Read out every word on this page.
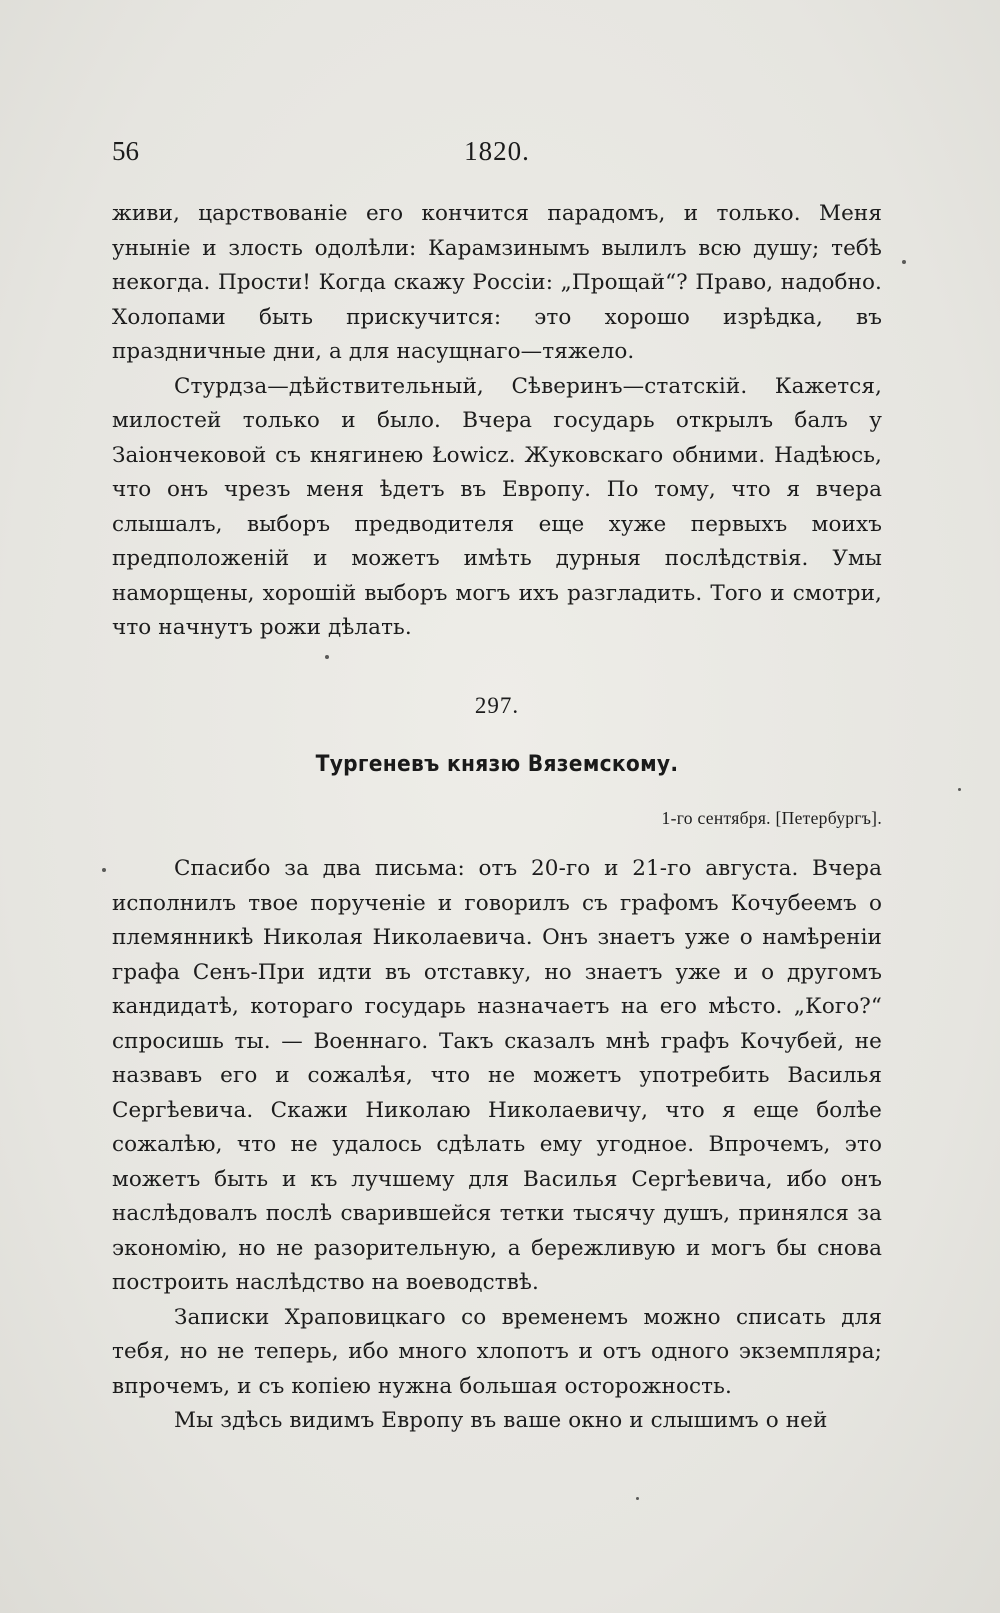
56	1820.

живи, царствованіе его кончится парадомъ, и только. Меня уныніе и злость одолѣли: Карамзинымъ вылилъ всю душу; тебѣ некогда. Прости! Когда скажу Россіи: „Прощай“? Право, надобно. Холопами быть прискучится: это хорошо изрѣдка, въ праздничные дни, а для насущнаго—тяжело.

Стурдза—дѣйствительный, Сѣверинъ—статскій. Кажется, милостей только и было. Вчера государь открылъ балъ у Заіончековой съ княгинею Łowicz. Жуковскаго обними. Надѣюсь, что онъ чрезъ меня ѣдетъ въ Европу. По тому, что я вчера слышалъ, выборъ предводителя еще хуже первыхъ моихъ предположеній и можетъ имѣть дурныя послѣдствія. Умы наморщены, хорошій выборъ могъ ихъ разгладить. Того и смотри, что начнутъ рожи дѣлать.

297.
Тургеневъ князю Вяземскому.
1-го сентября. [Петербургъ].

Спасибо за два письма: отъ 20-го и 21-го августа. Вчера исполнилъ твое порученіе и говорилъ съ графомъ Кочубеемъ о племянникѣ Николая Николаевича. Онъ знаетъ уже о намѣреніи графа Сенъ-При идти въ отставку, но знаетъ уже и о другомъ кандидатѣ, котораго государь назначаетъ на его мѣсто. „Кого?“ спросишь ты. — Военнаго. Такъ сказалъ мнѣ графъ Кочубей, не назвавъ его и сожалѣя, что не можетъ употребить Василья Сергѣевича. Скажи Николаю Николаевичу, что я еще болѣе сожалѣю, что не удалось сдѣлать ему угодное. Впрочемъ, это можетъ быть и къ лучшему для Василья Сергѣевича, ибо онъ наслѣдовалъ послѣ сварившейся тетки тысячу душъ, принялся за экономію, но не разорительную, а бережливую и могъ бы снова построить наслѣдство на воеводствѣ.

Записки Храповицкаго со временемъ можно списать для тебя, но не теперь, ибо много хлопотъ и отъ одного экземпляра; впрочемъ, и съ копіею нужна большая осторожность.

Мы здѣсь видимъ Европу въ ваше окно и слышимъ о ней
